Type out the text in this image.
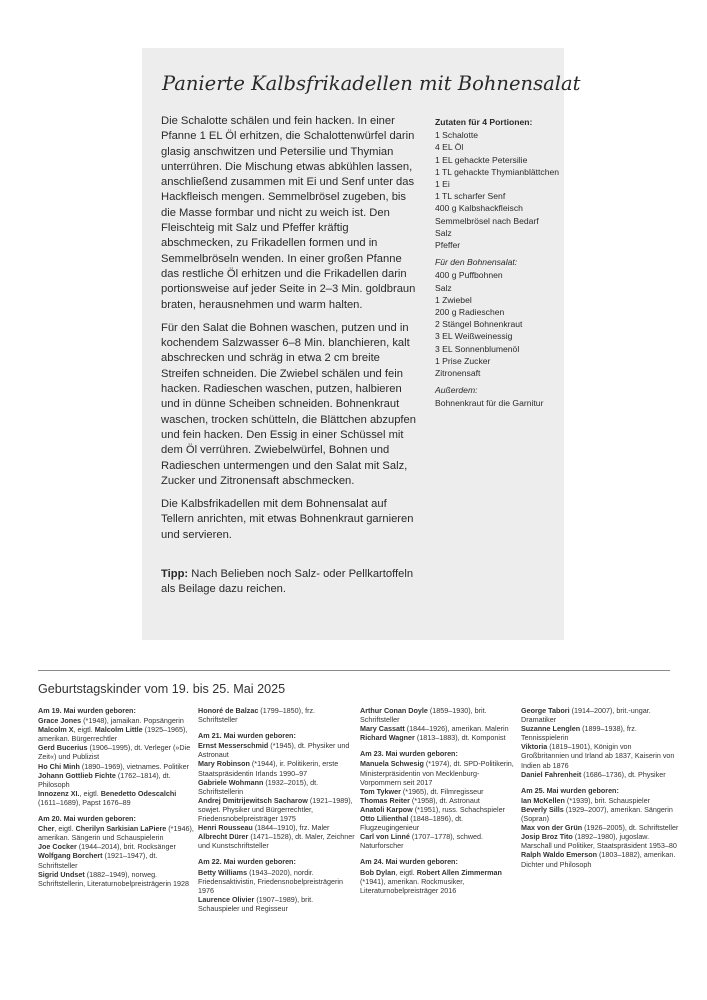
Panierte Kalbsfrikadellen mit Bohnensalat

Die Schalotte schälen und fein hacken. In einer Pfanne 1 EL Öl erhitzen, die Schalottenwürfel darin glasig anschwitzen und Petersilie und Thymian unterrühren. Die Mischung etwas abkühlen lassen, anschließend zusammen mit Ei und Senf unter das Hackfleisch mengen. Semmelbrösel zugeben, bis die Masse formbar und nicht zu weich ist. Den Fleischteig mit Salz und Pfeffer kräftig abschmecken, zu Frikadellen formen und in Semmelbröseln wenden. In einer großen Pfanne das restliche Öl erhitzen und die Frikadellen darin portionsweise auf jeder Seite in 2–3 Min. goldbraun braten, herausnehmen und warm halten.

Für den Salat die Bohnen waschen, putzen und in kochendem Salzwasser 6–8 Min. blanchieren, kalt abschrecken und schräg in etwa 2 cm breite Streifen schneiden. Die Zwiebel schälen und fein hacken. Radieschen waschen, putzen, halbieren und in dünne Scheiben schneiden. Bohnenkraut waschen, trocken schütteln, die Blättchen abzupfen und fein hacken. Den Essig in einer Schüssel mit dem Öl verrühren. Zwiebelwürfel, Bohnen und Radieschen untermengen und den Salat mit Salz, Zucker und Zitronensaft abschmecken.

Die Kalbsfrikadellen mit dem Bohnensalat auf Tellern anrichten, mit etwas Bohnenkraut garnieren und servieren.

Tipp: Nach Belieben noch Salz- oder Pellkartoffeln als Beilage dazu reichen.

Zutaten für 4 Portionen:
1 Schalotte
4 EL Öl
1 EL gehackte Petersilie
1 TL gehackte Thymianblättchen
1 Ei
1 TL scharfer Senf
400 g Kalbshackfleisch
Semmelbrösel nach Bedarf
Salz
Pfeffer
Für den Bohnensalat:
400 g Puffbohnen
Salz
1 Zwiebel
200 g Radieschen
2 Stängel Bohnenkraut
3 EL Weißweinessig
3 EL Sonnenblumenöl
1 Prise Zucker
Zitronensaft
Außerdem:
Bohnenkraut für die Garnitur
Geburtstagskinder vom 19. bis 25. Mai 2025
Am 19. Mai wurden geboren:
Grace Jones (*1948), jamaikan. Popsängerin
Malcolm X, eigtl. Malcolm Little (1925–1965), amerikan. Bürgerrechtler
Gerd Bucerius (1906–1995), dt. Verleger (»Die Zeit«) und Publizist
Ho Chi Minh (1890–1969), vietnames. Politiker
Johann Gottlieb Fichte (1762–1814), dt. Philosoph
Innozenz XI., eigtl. Benedetto Odescalchi (1611–1689), Papst 1676–89
Am 20. Mai wurden geboren:
Cher, eigtl. Cherilyn Sarkisian LaPiere (*1946), amerikan. Sängerin und Schauspielerin
Joe Cocker (1944–2014), brit. Rocksänger
Wolfgang Borchert (1921–1947), dt. Schriftsteller
Sigrid Undset (1882–1949), norweg. Schriftstellerin, Literaturnobelpreisträgerin 1928
Honoré de Balzac (1799–1850), frz. Schriftsteller
Am 21. Mai wurden geboren:
Ernst Messerschmid (*1945), dt. Physiker und Astronaut
Mary Robinson (*1944), ir. Politikerin, erste Staatspräsidentin Irlands 1990–97
Gabriele Wohmann (1932–2015), dt. Schriftstellerin
Andrej Dmitrijewitsch Sacharow (1921–1989), sowjet. Physiker und Bürgerrechtler, Friedensnobelpreisträger 1975
Henri Rousseau (1844–1910), frz. Maler
Albrecht Dürer (1471–1528), dt. Maler, Zeichner und Kunstschriftsteller
Am 22. Mai wurden geboren:
Betty Williams (1943–2020), nordir. Friedensaktivistin, Friedensnobelpreisträgerin 1976
Laurence Olivier (1907–1989), brit. Schauspieler und Regisseur
Arthur Conan Doyle (1859–1930), brit. Schriftsteller
Mary Cassatt (1844–1926), amerikan. Malerin
Richard Wagner (1813–1883), dt. Komponist
Am 23. Mai wurden geboren:
Manuela Schwesig (*1974), dt. SPD-Politikerin, Ministerpräsidentin von Mecklenburg-Vorpommern seit 2017
Tom Tykwer (*1965), dt. Filmregisseur
Thomas Reiter (*1958), dt. Astronaut
Anatoli Karpow (*1951), russ. Schachspieler
Otto Lilienthal (1848–1896), dt. Flugzeugingenieur
Carl von Linné (1707–1778), schwed. Naturforscher
Am 24. Mai wurden geboren:
Bob Dylan, eigtl. Robert Allen Zimmerman (*1941), amerikan. Rockmusiker, Literaturnobelpreisträger 2016
George Tabori (1914–2007), brit.-ungar. Dramatiker
Suzanne Lenglen (1899–1938), frz. Tennisspielerin
Viktoria (1819–1901), Königin von Großbritannien und Irland ab 1837, Kaiserin von Indien ab 1876
Daniel Fahrenheit (1686–1736), dt. Physiker
Am 25. Mai wurden geboren:
Ian McKellen (*1939), brit. Schauspieler
Beverly Sills (1929–2007), amerikan. Sängerin (Sopran)
Max von der Grün (1926–2005), dt. Schriftsteller
Josip Broz Tito (1892–1980), jugoslaw. Marschall und Politiker, Staatspräsident 1953–80
Ralph Waldo Emerson (1803–1882), amerikan. Dichter und Philosoph
